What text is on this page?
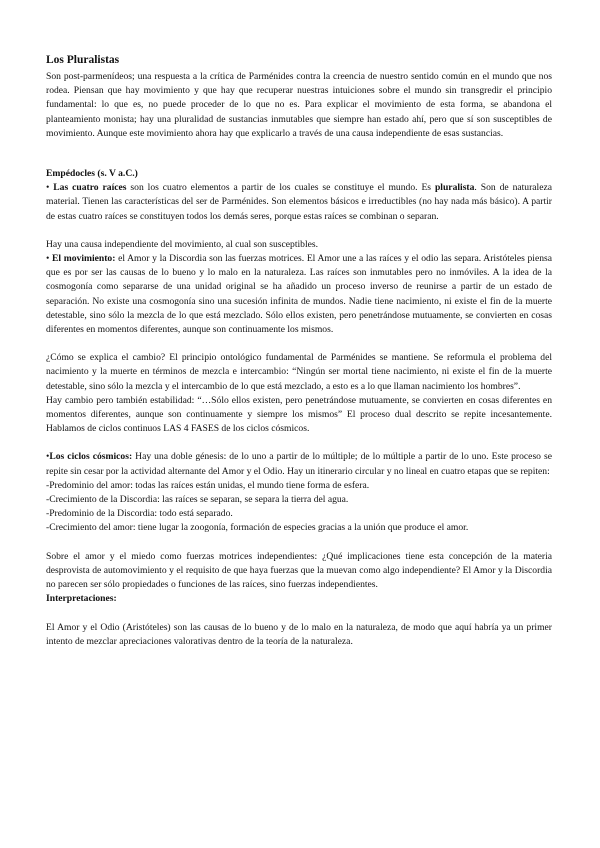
Los Pluralistas

Son post-parmenídeos; una respuesta a la crítica de Parménides contra la creencia de nuestro sentido común en el mundo que nos rodea. Piensan que hay movimiento y que hay que recuperar nuestras intuiciones sobre el mundo sin transgredir el principio fundamental: lo que es, no puede proceder de lo que no es. Para explicar el movimiento de esta forma, se abandona el planteamiento monista; hay una pluralidad de sustancias inmutables que siempre han estado ahí, pero que sí son susceptibles de movimiento. Aunque este movimiento ahora hay que explicarlo a través de una causa independiente de esas sustancias.

Empédocles (s. V a.C.)

• Las cuatro raíces son los cuatro elementos a partir de los cuales se constituye el mundo. Es pluralista. Son de naturaleza material. Tienen las características del ser de Parménides. Son elementos básicos e irreductibles (no hay nada más básico). A partir de estas cuatro raíces se constituyen todos los demás seres, porque estas raíces se combinan o separan.

Hay una causa independiente del movimiento, al cual son susceptibles.

• El movimiento: el Amor y la Discordia son las fuerzas motrices. El Amor une a las raíces y el odio las separa. Aristóteles piensa que es por ser las causas de lo bueno y lo malo en la naturaleza. Las raíces son inmutables pero no inmóviles. A la idea de la cosmogonía como separarse de una unidad original se ha añadido un proceso inverso de reunirse a partir de un estado de separación. No existe una cosmogonía sino una sucesión infinita de mundos. Nadie tiene nacimiento, ni existe el fin de la muerte detestable, sino sólo la mezcla de lo que está mezclado. Sólo ellos existen, pero penetrándose mutuamente, se convierten en cosas diferentes en momentos diferentes, aunque son continuamente los mismos.

¿Cómo se explica el cambio? El principio ontológico fundamental de Parménides se mantiene. Se reformula el problema del nacimiento y la muerte en términos de mezcla e intercambio: “Ningún ser mortal tiene nacimiento, ni existe el fin de la muerte detestable, sino sólo la mezcla y el intercambio de lo que está mezclado, a esto es a lo que llaman nacimiento los hombres”.

Hay cambio pero también estabilidad: “…Sólo ellos existen, pero penetrándose mutuamente, se convierten en cosas diferentes en momentos diferentes, aunque son continuamente y siempre los mismos” El proceso dual descrito se repite incesantemente. Hablamos de ciclos continuos LAS 4 FASES de los ciclos cósmicos.

•Los ciclos cósmicos: Hay una doble génesis: de lo uno a partir de lo múltiple; de lo múltiple a partir de lo uno. Este proceso se repite sin cesar por la actividad alternante del Amor y el Odio. Hay un itinerario circular y no lineal en cuatro etapas que se repiten:

-Predominio del amor: todas las raíces están unidas, el mundo tiene forma de esfera.
-Crecimiento de la Discordia: las raíces se separan, se separa la tierra del agua.
-Predominio de la Discordia: todo está separado.
-Crecimiento del amor: tiene lugar la zoogonía, formación de especies gracias a la unión que produce el amor.

Sobre el amor y el miedo como fuerzas motrices independientes: ¿Qué implicaciones tiene esta concepción de la materia desprovista de automovimiento y el requisito de que haya fuerzas que la muevan como algo independiente? El Amor y la Discordia no parecen ser sólo propiedades o funciones de las raíces, sino fuerzas independientes.

Interpretaciones:

El Amor y el Odio (Aristóteles) son las causas de lo bueno y de lo malo en la naturaleza, de modo que aquí habría ya un primer intento de mezclar apreciaciones valorativas dentro de la teoría de la naturaleza.
